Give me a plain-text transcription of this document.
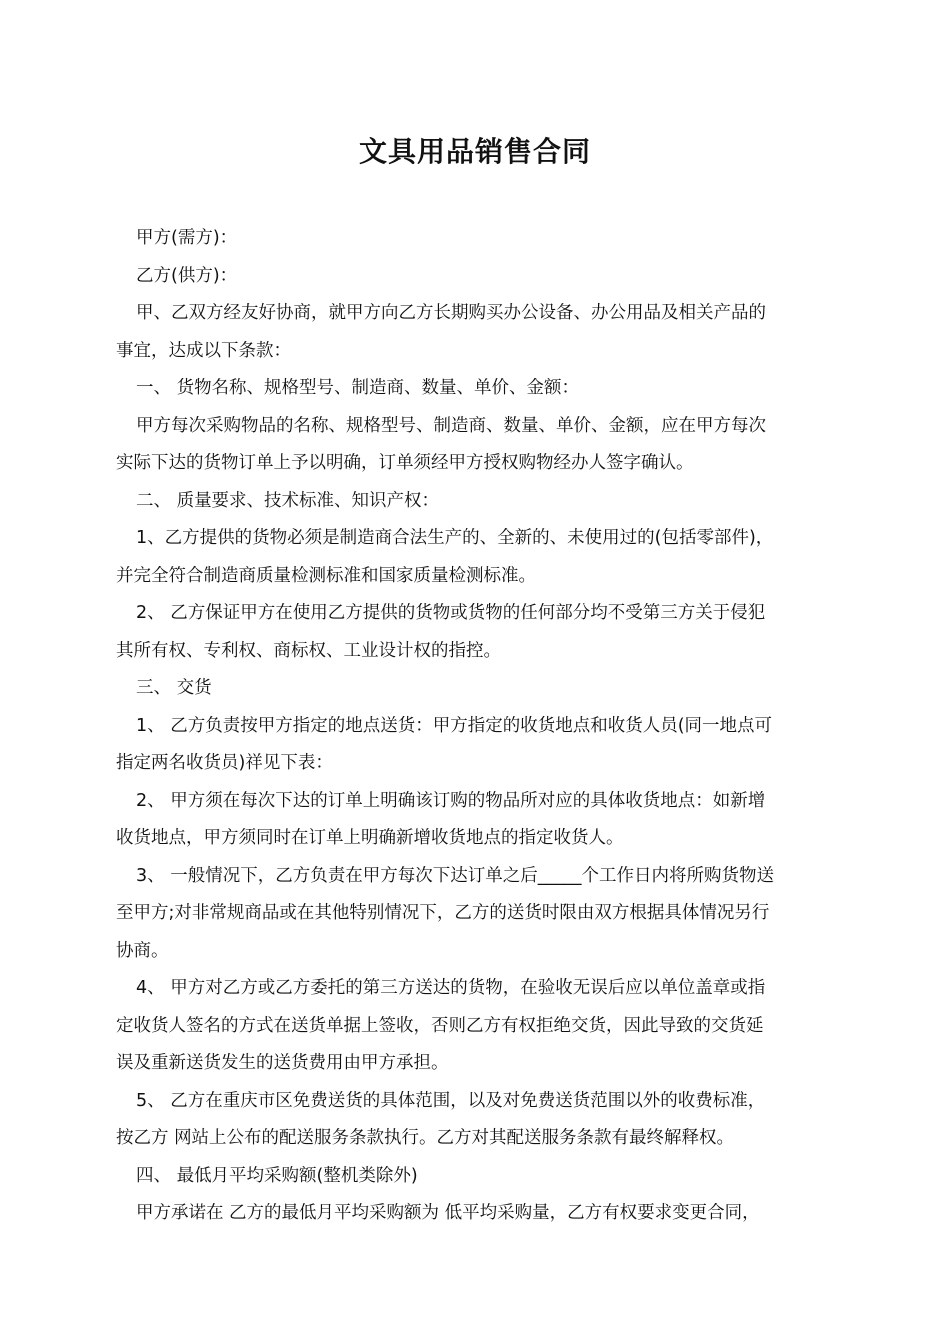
文具用品销售合同
甲方(需方)：
乙方(供方)：
甲、乙双方经友好协商，就甲方向乙方长期购买办公设备、办公用品及相关产品的
事宜，达成以下条款：
一、 货物名称、规格型号、制造商、数量、单价、金额：
甲方每次采购物品的名称、规格型号、制造商、数量、单价、金额，应在甲方每次
实际下达的货物订单上予以明确，订单须经甲方授权购物经办人签字确认。
二、 质量要求、技术标准、知识产权：
1、乙方提供的货物必须是制造商合法生产的、全新的、未使用过的(包括零部件)，
并完全符合制造商质量检测标准和国家质量检测标准。
2、 乙方保证甲方在使用乙方提供的货物或货物的任何部分均不受第三方关于侵犯
其所有权、专利权、商标权、工业设计权的指控。
三、 交货
1、 乙方负责按甲方指定的地点送货：甲方指定的收货地点和收货人员(同一地点可
指定两名收货员)祥见下表：
2、 甲方须在每次下达的订单上明确该订购的物品所对应的具体收货地点：如新增
收货地点，甲方须同时在订单上明确新增收货地点的指定收货人。
3、 一般情况下，乙方负责在甲方每次下达订单之后_____个工作日内将所购货物送
至甲方;对非常规商品或在其他特别情况下，乙方的送货时限由双方根据具体情况另行
协商。
4、 甲方对乙方或乙方委托的第三方送达的货物，在验收无误后应以单位盖章或指
定收货人签名的方式在送货单据上签收，否则乙方有权拒绝交货，因此导致的交货延
误及重新送货发生的送货费用由甲方承担。
5、 乙方在重庆市区免费送货的具体范围，以及对免费送货范围以外的收费标准，
按乙方 网站上公布的配送服务条款执行。乙方对其配送服务条款有最终解释权。
四、 最低月平均采购额(整机类除外)
甲方承诺在 乙方的最低月平均采购额为 低平均采购量，乙方有权要求变更合同，
